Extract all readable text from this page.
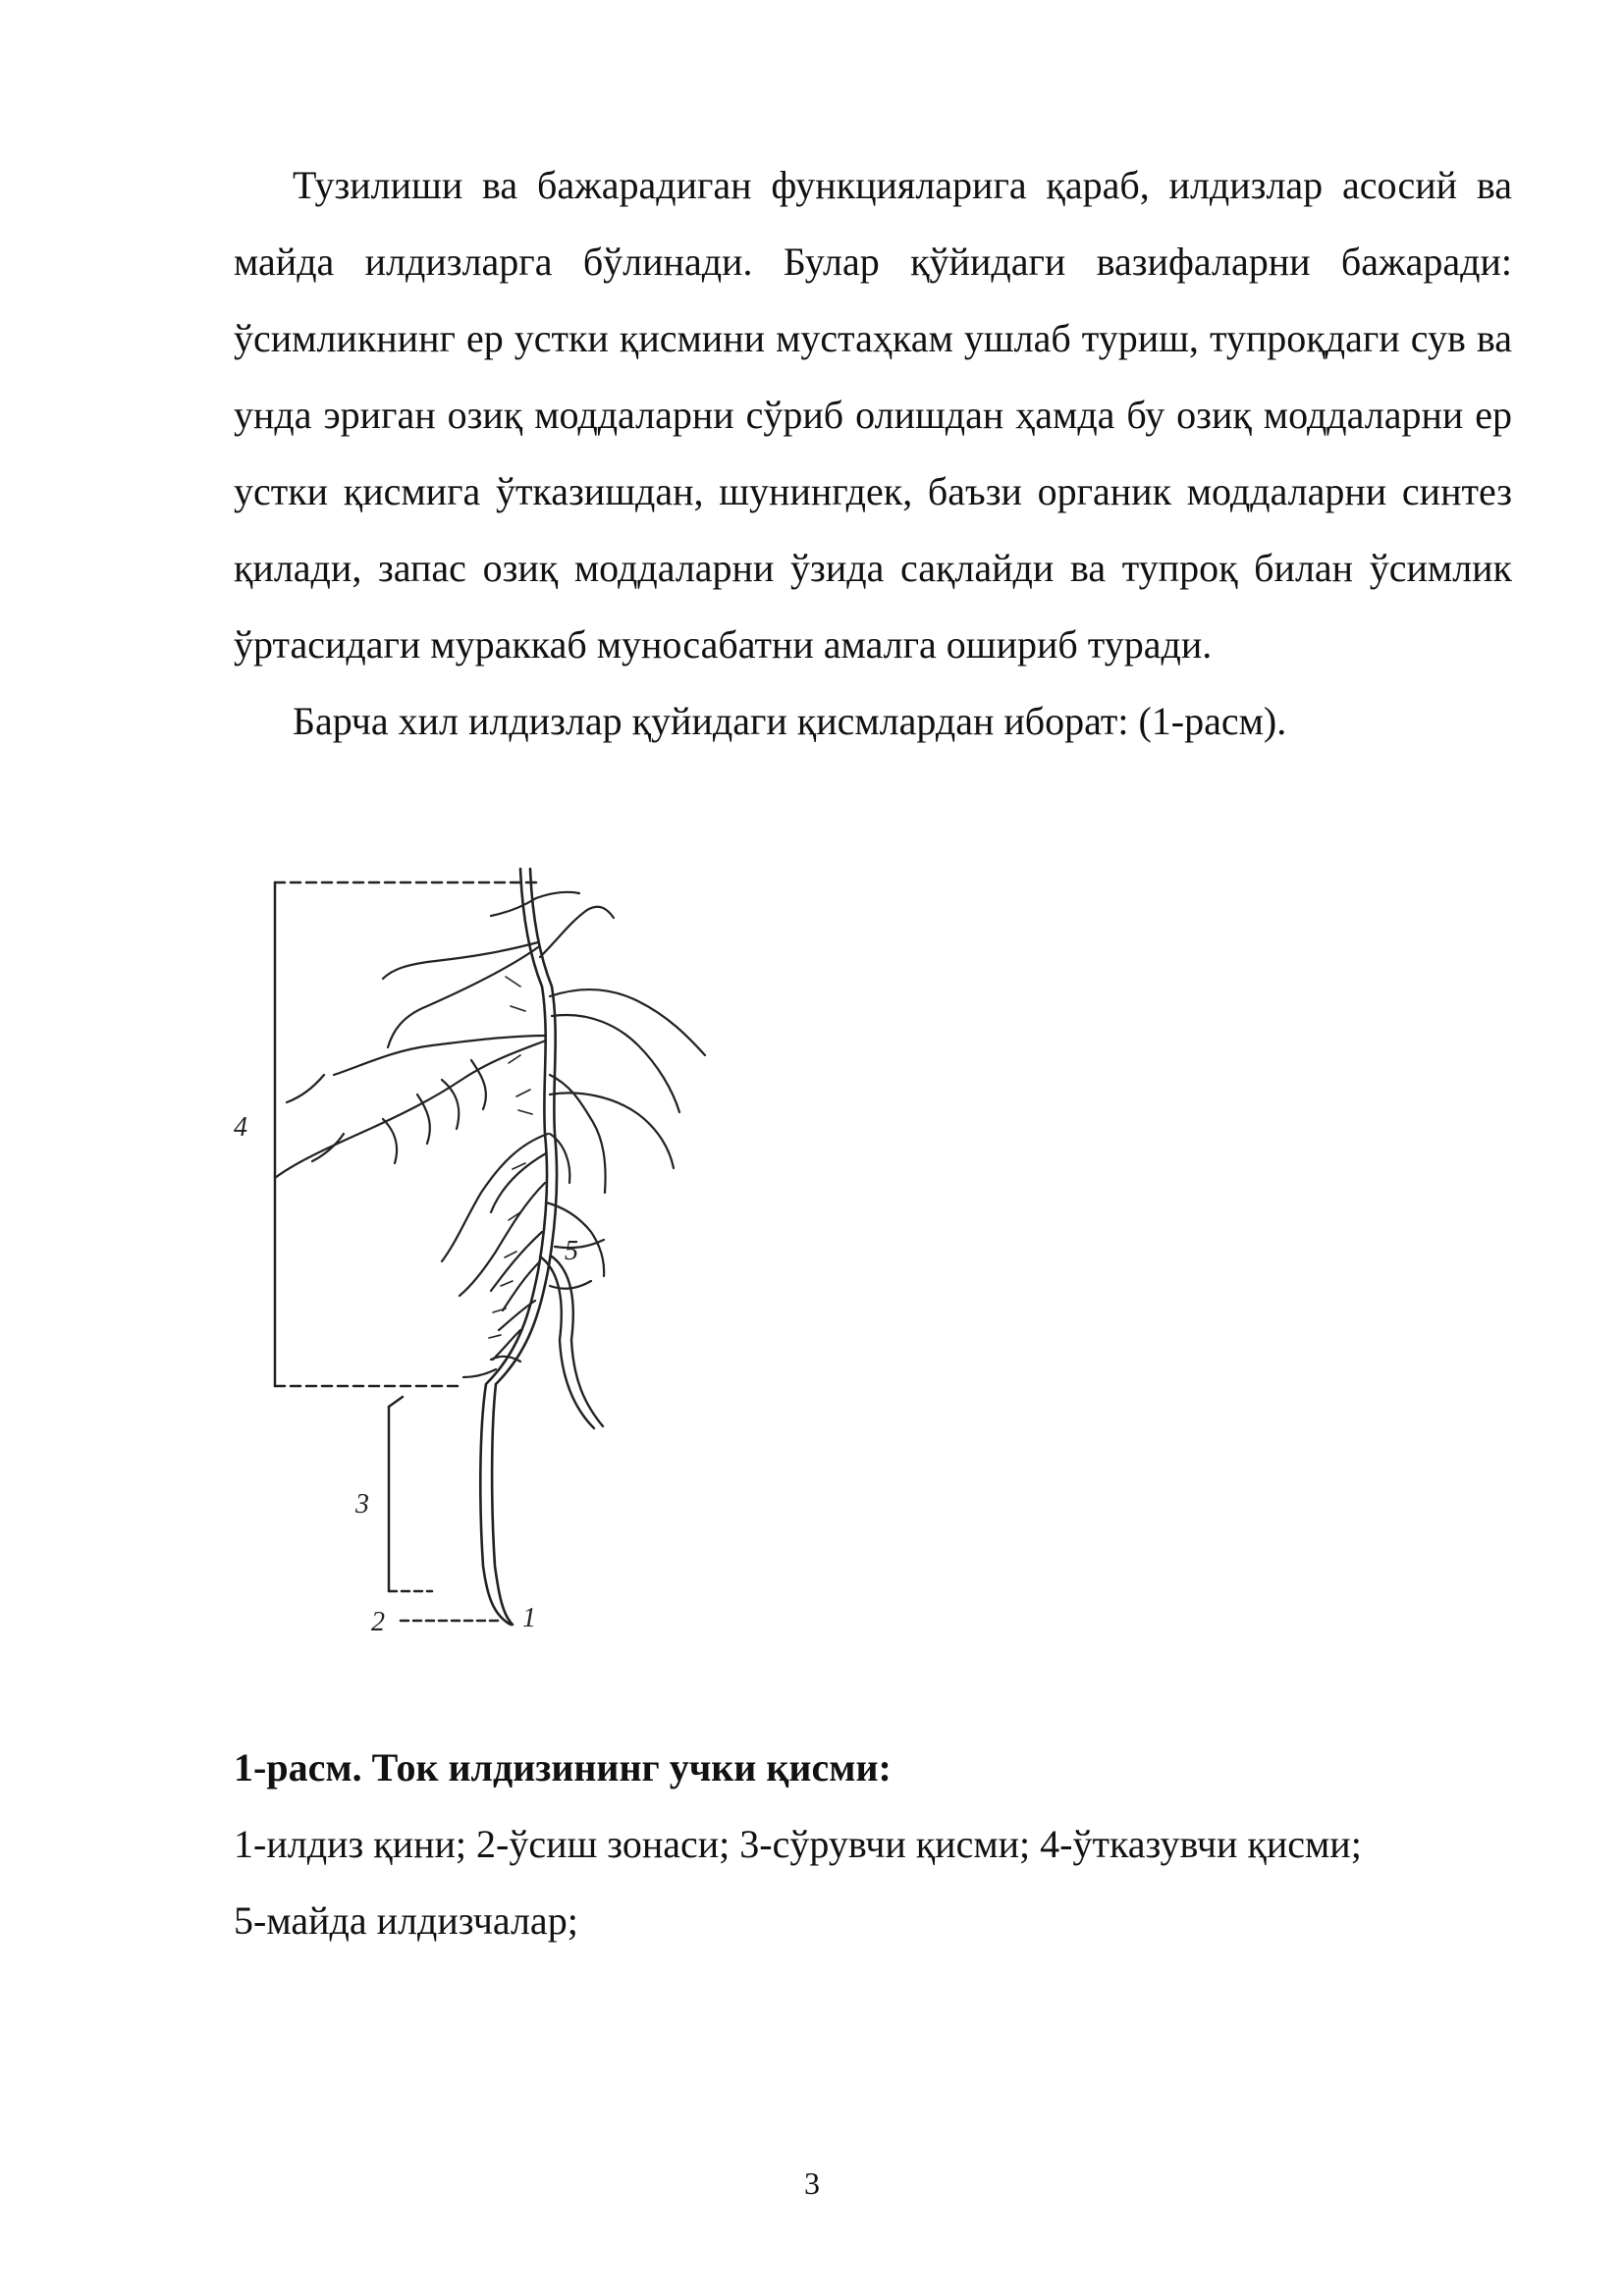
Тузилиши ва бажарадиган функцияларига қараб, илдизлар асосий ва майда илдизларга бўлинади. Булар қўйидаги вазифаларни бажаради: ўсимликнинг ер устки қисмини мустаҳкам ушлаб туриш, тупроқдаги сув ва унда эриган озиқ моддаларни сўриб олишдан ҳамда бу озиқ моддаларни ер устки қисмига ўтказишдан, шунингдек, баъзи органик моддаларни синтез қилади, запас озиқ моддаларни ўзида сақлайди ва тупроқ билан ўсимлик ўртасидаги мураккаб муносабатни амалга ошириб туради.

Барча хил илдизлар қуйидаги қисмлардан иборат: (1-расм).

4
3
2	1
5

1-расм. Ток илдизининг учки қисми:

1-илдиз қини; 2-ўсиш зонаси; 3-сўрувчи қисми; 4-ўтказувчи қисми;

5-майда илдизчалар;

3
